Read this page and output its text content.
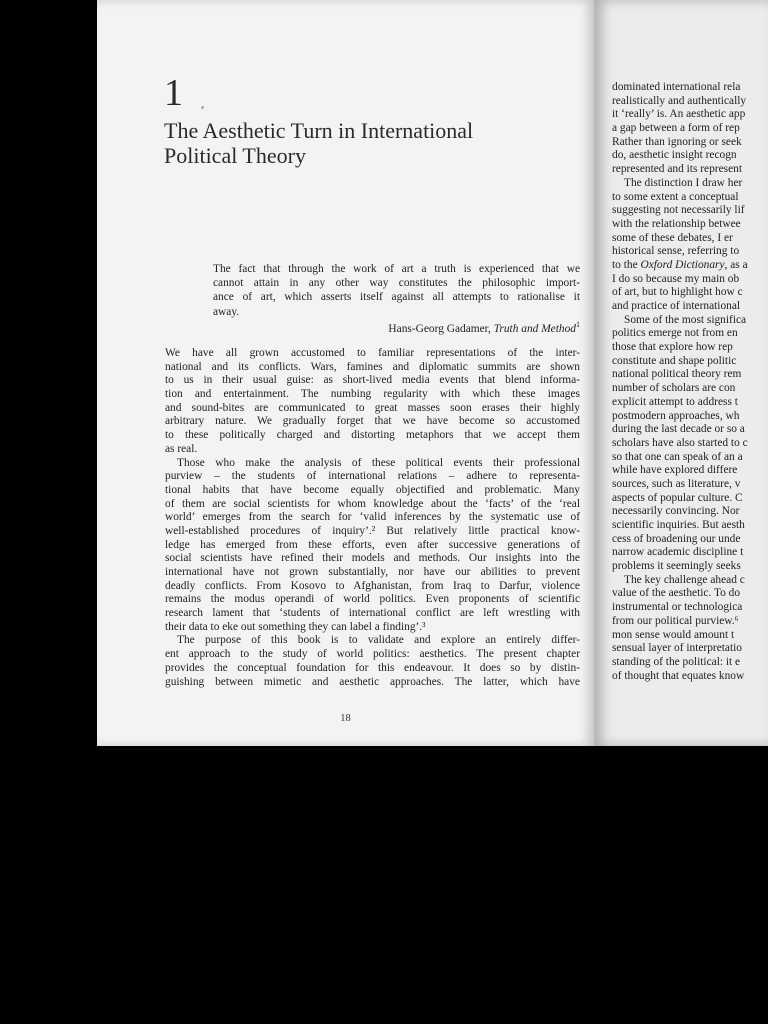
1
The Aesthetic Turn in International
Political Theory
The fact that through the work of art a truth is experienced that we
cannot attain in any other way constitutes the philosophic import-
ance of art, which asserts itself against all attempts to rationalise it
away.
Hans-Georg Gadamer, Truth and Method$^1$
We have all grown accustomed to familiar representations of the inter-
national and its conflicts. Wars, famines and diplomatic summits are shown
to us in their usual guise: as short-lived media events that blend informa-
tion and entertainment. The numbing regularity with which these images
and sound-bites are communicated to great masses soon erases their highly
arbitrary nature. We gradually forget that we have become so accustomed
to these politically charged and distorting metaphors that we accept them
as real.
Those who make the analysis of these political events their professional
purview – the students of international relations – adhere to representa-
tional habits that have become equally objectified and problematic. Many
of them are social scientists for whom knowledge about the ‘facts’ of the ‘real
world’ emerges from the search for ‘valid inferences by the systematic use of
well-established procedures of inquiry’.² But relatively little practical know-
ledge has emerged from these efforts, even after successive generations of
social scientists have refined their models and methods. Our insights into the
international have not grown substantially, nor have our abilities to prevent
deadly conflicts. From Kosovo to Afghanistan, from Iraq to Darfur, violence
remains the modus operandi of world politics. Even proponents of scientific
research lament that ‘students of international conflict are left wrestling with
their data to eke out something they can label a finding’.³
The purpose of this book is to validate and explore an entirely differ-
ent approach to the study of world politics: aesthetics. The present chapter
provides the conceptual foundation for this endeavour. It does so by distin-
guishing between mimetic and aesthetic approaches. The latter, which have
18
dominated international rela
realistically and authentically
it ‘really’ is. An aesthetic app
a gap between a form of rep
Rather than ignoring or seek
do, aesthetic insight recogn
represented and its represent
The distinction I draw her
to some extent a conceptual
suggesting not necessarily lif
with the relationship betwee
some of these debates, I er
historical sense, referring to
to the Oxford Dictionary, as a
I do so because my main ob
of art, but to highlight how c
and practice of international
Some of the most significa
politics emerge not from en
those that explore how rep
constitute and shape politic
national political theory rem
number of scholars are con
explicit attempt to address t
postmodern approaches, wh
during the last decade or so a
scholars have also started to c
so that one can speak of an a
while have explored differe
sources, such as literature, v
aspects of popular culture. C
necessarily convincing. Nor
scientific inquiries. But aesth
cess of broadening our unde
narrow academic discipline t
problems it seemingly seeks
The key challenge ahead c
value of the aesthetic. To do
instrumental or technologica
from our political purview.⁶
mon sense would amount t
sensual layer of interpretatio
standing of the political: it e
of thought that equates know
